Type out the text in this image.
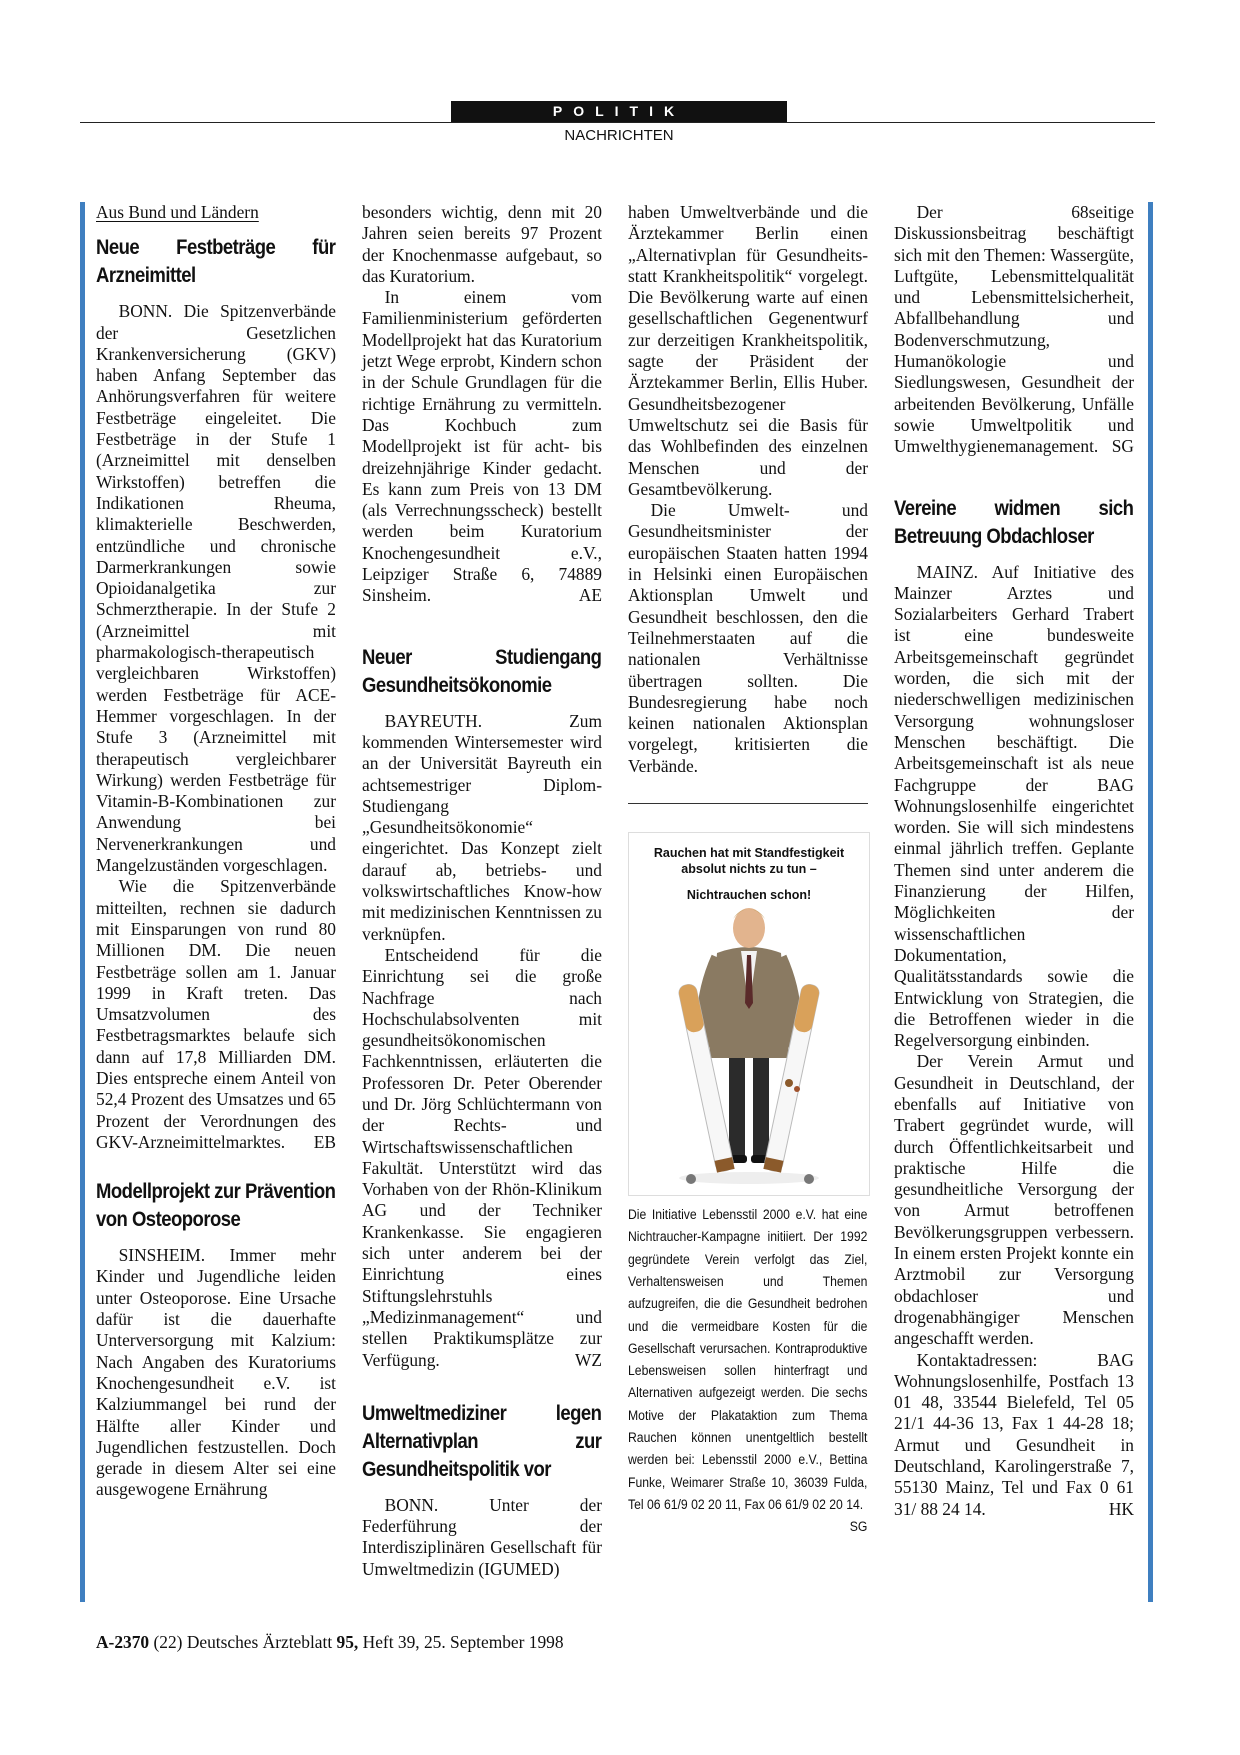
POLITIK
NACHRICHTEN
Aus Bund und Ländern
Neue Festbeträge für Arzneimittel

BONN. Die Spitzenverbände der Gesetzlichen Krankenversicherung (GKV) haben Anfang September das Anhörungsverfahren für weitere Festbeträge eingeleitet. Die Festbeträge in der Stufe 1 (Arzneimittel mit denselben Wirkstoffen) betreffen die Indikationen Rheuma, klimakterielle Beschwerden, entzündliche und chronische Darmerkrankungen sowie Opioidanalgetika zur Schmerztherapie. In der Stufe 2 (Arzneimittel mit pharmakologisch-therapeutisch vergleichbaren Wirkstoffen) werden Festbeträge für ACE-Hemmer vorgeschlagen. In der Stufe 3 (Arzneimittel mit therapeutisch vergleichbarer Wirkung) werden Festbeträge für Vitamin-B-Kombinationen zur Anwendung bei Nervenerkrankungen und Mangelzuständen vorgeschlagen.

Wie die Spitzenverbände mitteilten, rechnen sie dadurch mit Einsparungen von rund 80 Millionen DM. Die neuen Festbeträge sollen am 1. Januar 1999 in Kraft treten. Das Umsatzvolumen des Festbetragsmarktes belaufe sich dann auf 17,8 Milliarden DM. Dies entspreche einem Anteil von 52,4 Prozent des Umsatzes und 65 Prozent der Verordnungen des GKV-Arzneimittelmarktes. EB

Modellprojekt zur Prävention von Osteoporose

SINSHEIM. Immer mehr Kinder und Jugendliche leiden unter Osteoporose. Eine Ursache dafür ist die dauerhafte Unterversorgung mit Kalzium: Nach Angaben des Kuratoriums Knochengesundheit e.V. ist Kalziummangel bei rund der Hälfte aller Kinder und Jugendlichen festzustellen. Doch gerade in diesem Alter sei eine ausgewogene Ernährung

besonders wichtig, denn mit 20 Jahren seien bereits 97 Prozent der Knochenmasse aufgebaut, so das Kuratorium.

In einem vom Familienministerium geförderten Modellprojekt hat das Kuratorium jetzt Wege erprobt, Kindern schon in der Schule Grundlagen für die richtige Ernährung zu vermitteln. Das Kochbuch zum Modellprojekt ist für acht- bis dreizehnjährige Kinder gedacht. Es kann zum Preis von 13 DM (als Verrechnungsscheck) bestellt werden beim Kuratorium Knochengesundheit e.V., Leipziger Straße 6, 74889 Sinsheim.	AE

Neuer Studiengang Gesundheitsökonomie

BAYREUTH. Zum kommenden Wintersemester wird an der Universität Bayreuth ein achtsemestriger Diplom-Studiengang „Gesundheitsökonomie“ eingerichtet. Das Konzept zielt darauf ab, betriebs- und volkswirtschaftliches Know-how mit medizinischen Kenntnissen zu verknüpfen.

Entscheidend für die Einrichtung sei die große Nachfrage nach Hochschulabsolventen mit gesundheitsökonomischen Fachkenntnissen, erläuterten die Professoren Dr. Peter Oberender und Dr. Jörg Schlüchtermann von der Rechts- und Wirtschaftswissenschaftlichen Fakultät. Unterstützt wird das Vorhaben von der Rhön-Klinikum AG und der Techniker Krankenkasse. Sie engagieren sich unter anderem bei der Einrichtung eines Stiftungslehrstuhls „Medizinmanagement“ und stellen Praktikumsplätze zur Verfügung.	WZ

Umweltmediziner legen Alternativplan zur Gesundheitspolitik vor

BONN. Unter der Federführung der Interdisziplinären Gesellschaft für Umweltmedizin (IGUMED)

haben Umweltverbände und die Ärztekammer Berlin einen „Alternativplan für Gesundheits- statt Krankheitspolitik“ vorgelegt. Die Bevölkerung warte auf einen gesellschaftlichen Gegenentwurf zur derzeitigen Krankheitspolitik, sagte der Präsident der Ärztekammer Berlin, Ellis Huber. Gesundheitsbezogener Umweltschutz sei die Basis für das Wohlbefinden des einzelnen Menschen und der Gesamtbevölkerung.

Die Umwelt- und Gesundheitsminister der europäischen Staaten hatten 1994 in Helsinki einen Europäischen Aktionsplan Umwelt und Gesundheit beschlossen, den die Teilnehmerstaaten auf die nationalen Verhältnisse übertragen sollten. Die Bundesregierung habe noch keinen nationalen Aktionsplan vorgelegt, kritisierten die Verbände.

Rauchen hat mit Standfestigkeit
absolut nichts zu tun –
Nichtrauchen schon!
Die Initiative Lebensstil 2000 e.V. hat eine Nichtraucher-Kampagne initiiert. Der 1992 gegründete Verein verfolgt das Ziel, Verhaltensweisen und Themen aufzugreifen, die die Gesundheit bedrohen und die vermeidbare Kosten für die Gesellschaft verursachen. Kontraproduktive Lebensweisen sollen hinterfragt und Alternativen aufgezeigt werden. Die sechs Motive der Plakataktion zum Thema Rauchen können unentgeltlich bestellt werden bei: Lebensstil 2000 e.V., Bettina Funke, Weimarer Straße 10, 36039 Fulda, Tel 06 61/9 02 20 11, Fax 06 61/9 02 20 14.
SG

Der 68seitige Diskussionsbeitrag beschäftigt sich mit den Themen: Wassergüte, Luftgüte, Lebensmittelqualität und Lebensmittelsicherheit, Abfallbehandlung und Bodenverschmutzung, Humanökologie und Siedlungswesen, Gesundheit der arbeitenden Bevölkerung, Unfälle sowie Umweltpolitik und Umwelthygienemanagement. SG

Vereine widmen sich Betreuung Obdachloser

MAINZ. Auf Initiative des Mainzer Arztes und Sozialarbeiters Gerhard Trabert ist eine bundesweite Arbeitsgemeinschaft gegründet worden, die sich mit der niederschwelligen medizinischen Versorgung wohnungsloser Menschen beschäftigt. Die Arbeitsgemeinschaft ist als neue Fachgruppe der BAG Wohnungslosenhilfe eingerichtet worden. Sie will sich mindestens einmal jährlich treffen. Geplante Themen sind unter anderem die Finanzierung der Hilfen, Möglichkeiten der wissenschaftlichen Dokumentation, Qualitätsstandards sowie die Entwicklung von Strategien, die die Betroffenen wieder in die Regelversorgung einbinden.

Der Verein Armut und Gesundheit in Deutschland, der ebenfalls auf Initiative von Trabert gegründet wurde, will durch Öffentlichkeitsarbeit und praktische Hilfe die gesundheitliche Versorgung der von Armut betroffenen Bevölkerungsgruppen verbessern. In einem ersten Projekt konnte ein Arztmobil zur Versorgung obdachloser und drogenabhängiger Menschen angeschafft werden.

Kontaktadressen: BAG Wohnungslosenhilfe, Postfach 13 01 48, 33544 Bielefeld, Tel 05 21/1 44-36 13, Fax 1 44-28 18; Armut und Gesundheit in Deutschland, Karolingerstraße 7, 55130 Mainz, Tel und Fax 0 61 31/ 88 24 14.	HK

A-2370 (22) Deutsches Ärzteblatt 95, Heft 39, 25. September 1998
